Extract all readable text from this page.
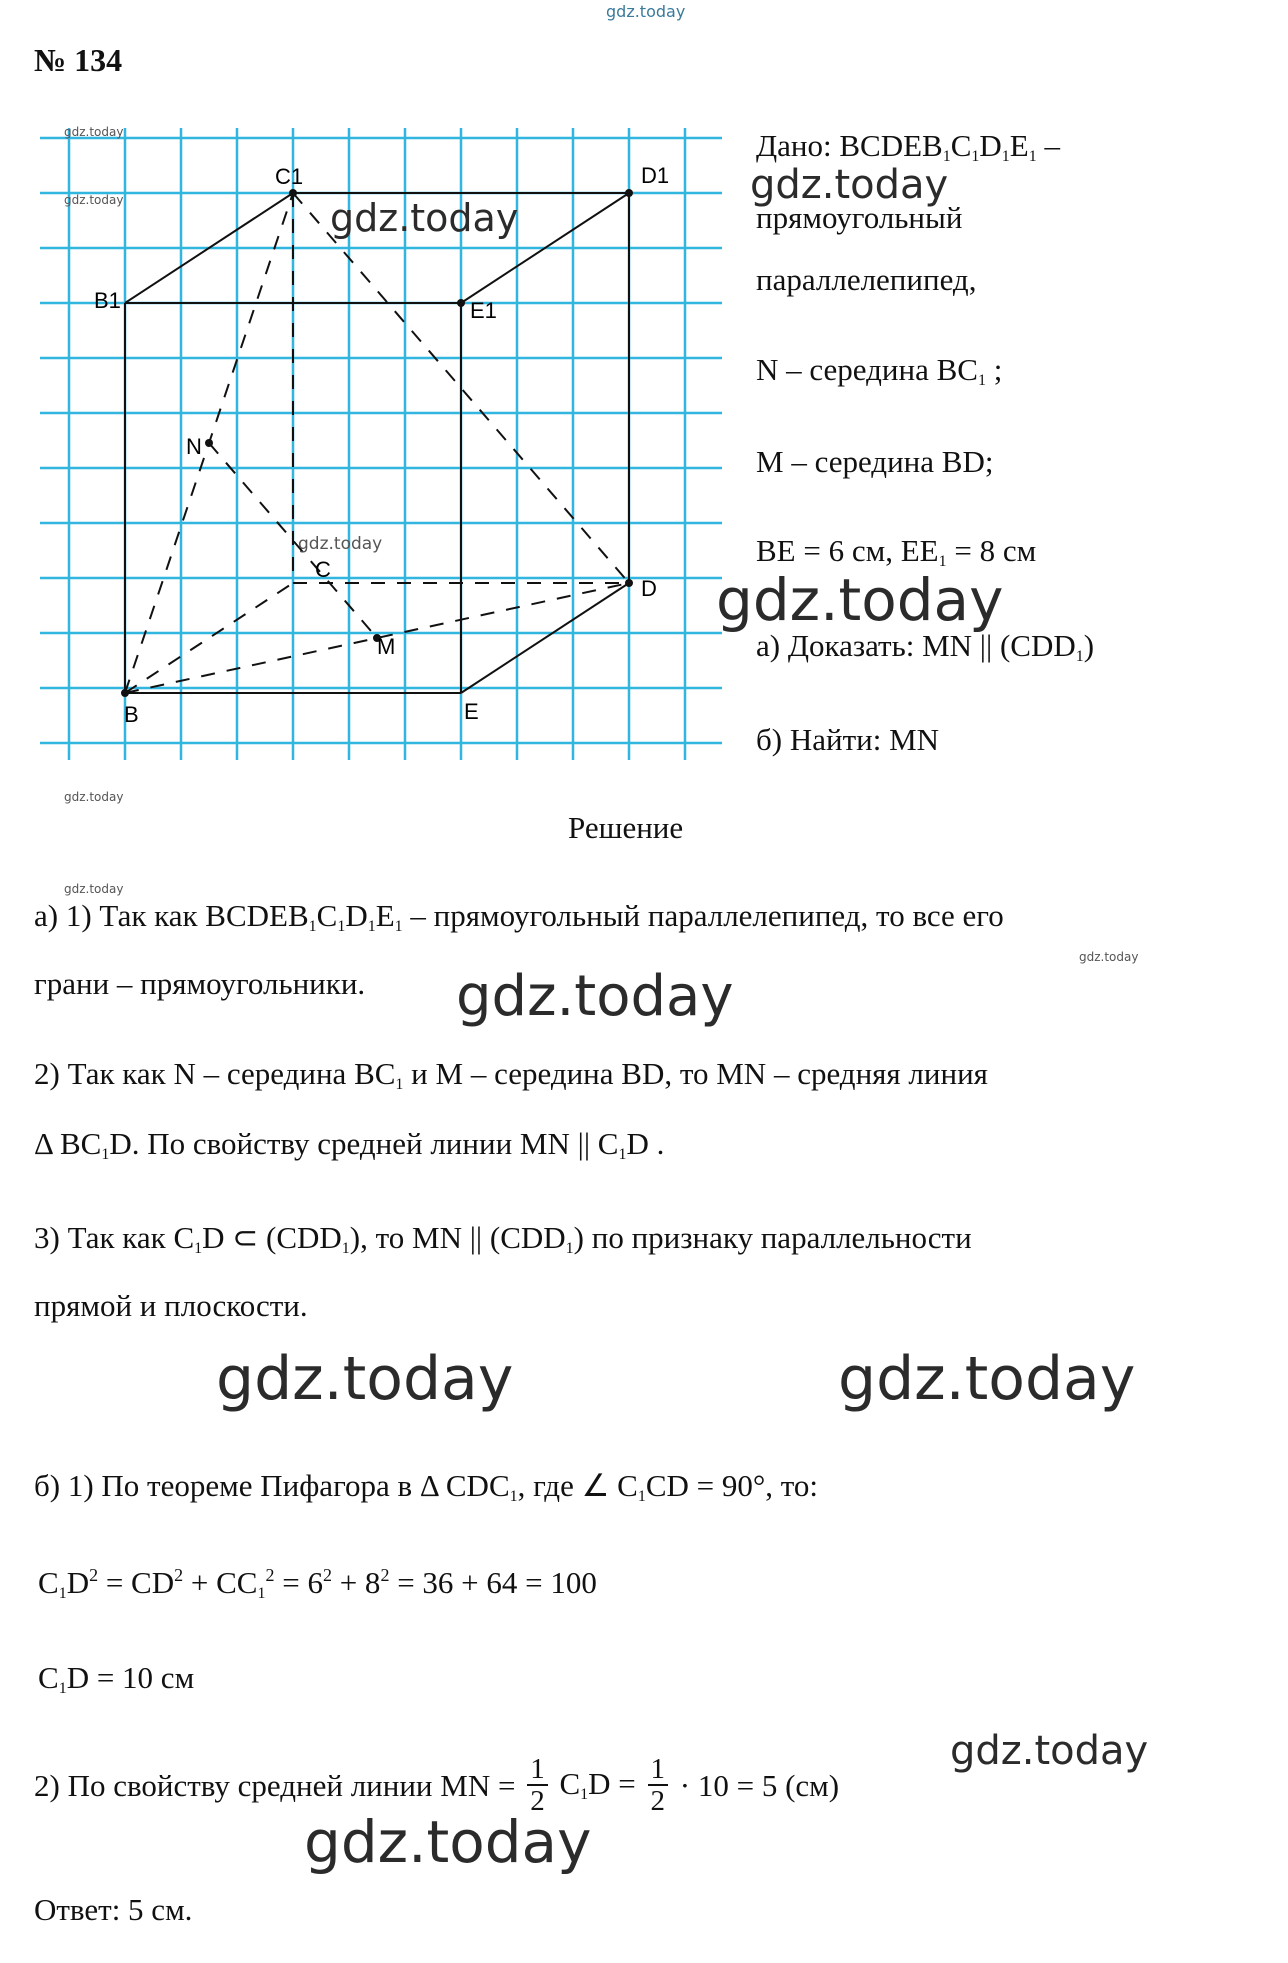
gdz.today
№ 134
C1	D1
B1	E1
N
C
D
M
B	E
gdz.today
gdz.today
gdz.today
gdz.today
gdz.today
gdz.today
gdz.today
Дано: BCDEB1C1D1E1 –
gdz.today
прямоугольный
параллелепипед,
N – середина BC1 ;
M – середина BD;
BE = 6 см, EE1 = 8 см
gdz.today
а) Доказать: MN || (CDD1)
б) Найти: MN
Решение
а) 1) Так как BCDEB1C1D1E1 – прямоугольный параллелепипед, то все его
грани – прямоугольники. gdz.today
2) Так как N – середина BC1 и M – середина BD, то MN – средняя линия
Δ BC1D. По свойству средней линии MN || C1D .
3) Так как C1D ⊂ (CDD1), то MN || (CDD1) по признаку параллельности
прямой и плоскости.
gdz.today	gdz.today
б) 1) По теореме Пифагора в Δ CDC1, где ∠ C1CD = 90°, то:
$C1D^2 = CD^2 + CC1^2 = 6^2 + 8^2 = 36 + 64 = 100$
C1D = 10 см
gdz.today
2) По свойству средней линии MN = $\frac{1}{2} C1D = \frac{1}{2} \cdot 10 = 5$ (см)
gdz.today
Ответ: 5 см.
